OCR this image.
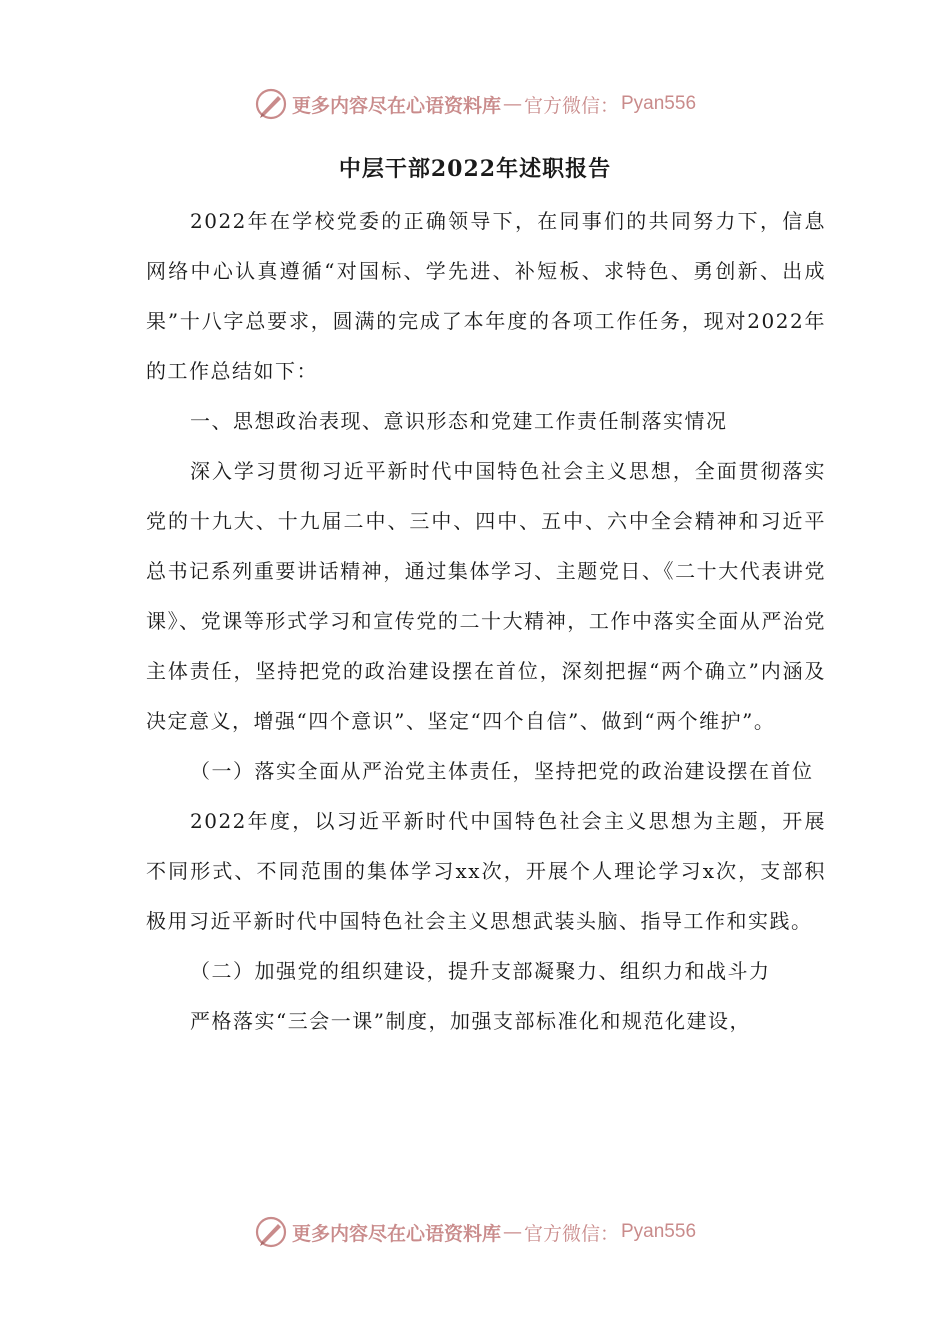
更多内容尽在心语资料库 — 官方微信： Pyan556
中层干部2022年述职报告

2022年在学校党委的正确领导下，在同事们的共同努力下，信息网络中心认真遵循“对国标、学先进、补短板、求特色、勇创新、出成果”十八字总要求，圆满的完成了本年度的各项工作任务，现对2022年的工作总结如下：

一、思想政治表现、意识形态和党建工作责任制落实情况

深入学习贯彻习近平新时代中国特色社会主义思想，全面贯彻落实党的十九大、十九届二中、三中、四中、五中、六中全会精神和习近平总书记系列重要讲话精神，通过集体学习、主题党日、《二十大代表讲党课》、党课等形式学习和宣传党的二十大精神，工作中落实全面从严治党主体责任，坚持把党的政治建设摆在首位，深刻把握“两个确立”内涵及决定意义，增强“四个意识”、坚定“四个自信”、做到“两个维护”。

（一）落实全面从严治党主体责任，坚持把党的政治建设摆在首位

2022年度，以习近平新时代中国特色社会主义思想为主题，开展不同形式、不同范围的集体学习xx次，开展个人理论学习x次，支部积极用习近平新时代中国特色社会主义思想武装头脑、指导工作和实践。

（二）加强党的组织建设，提升支部凝聚力、组织力和战斗力

严格落实“三会一课”制度，加强支部标准化和规范化建设，

更多内容尽在心语资料库 — 官方微信： Pyan556
